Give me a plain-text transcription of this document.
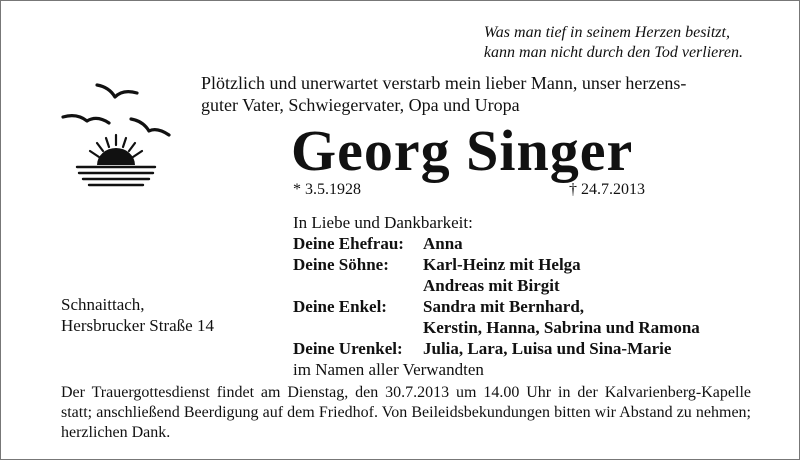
Was man tief in seinem Herzen besitzt,
kann man nicht durch den Tod verlieren.
Plötzlich und unerwartet verstarb mein lieber Mann, unser herzens-
guter Vater, Schwiegervater, Opa und Uropa
Georg Singer
* 3.5.1928	† 24.7.2013
In Liebe und Dankbarkeit:
Deine Ehefrau:	Anna
Deine Söhne:	Karl-Heinz mit Helga
Andreas mit Birgit
Deine Enkel:	Sandra mit Bernhard,
Kerstin, Hanna, Sabrina und Ramona
Deine Urenkel:	Julia, Lara, Luisa und Sina-Marie
im Namen aller Verwandten
Schnaittach,
Hersbrucker Straße 14
Der Trauergottesdienst findet am Dienstag, den 30.7.2013 um 14.00 Uhr in der Kalvarienberg-Kapelle statt; anschließend Beerdigung auf dem Friedhof. Von Beileidsbekundungen bitten wir Abstand zu nehmen; herzlichen Dank.
